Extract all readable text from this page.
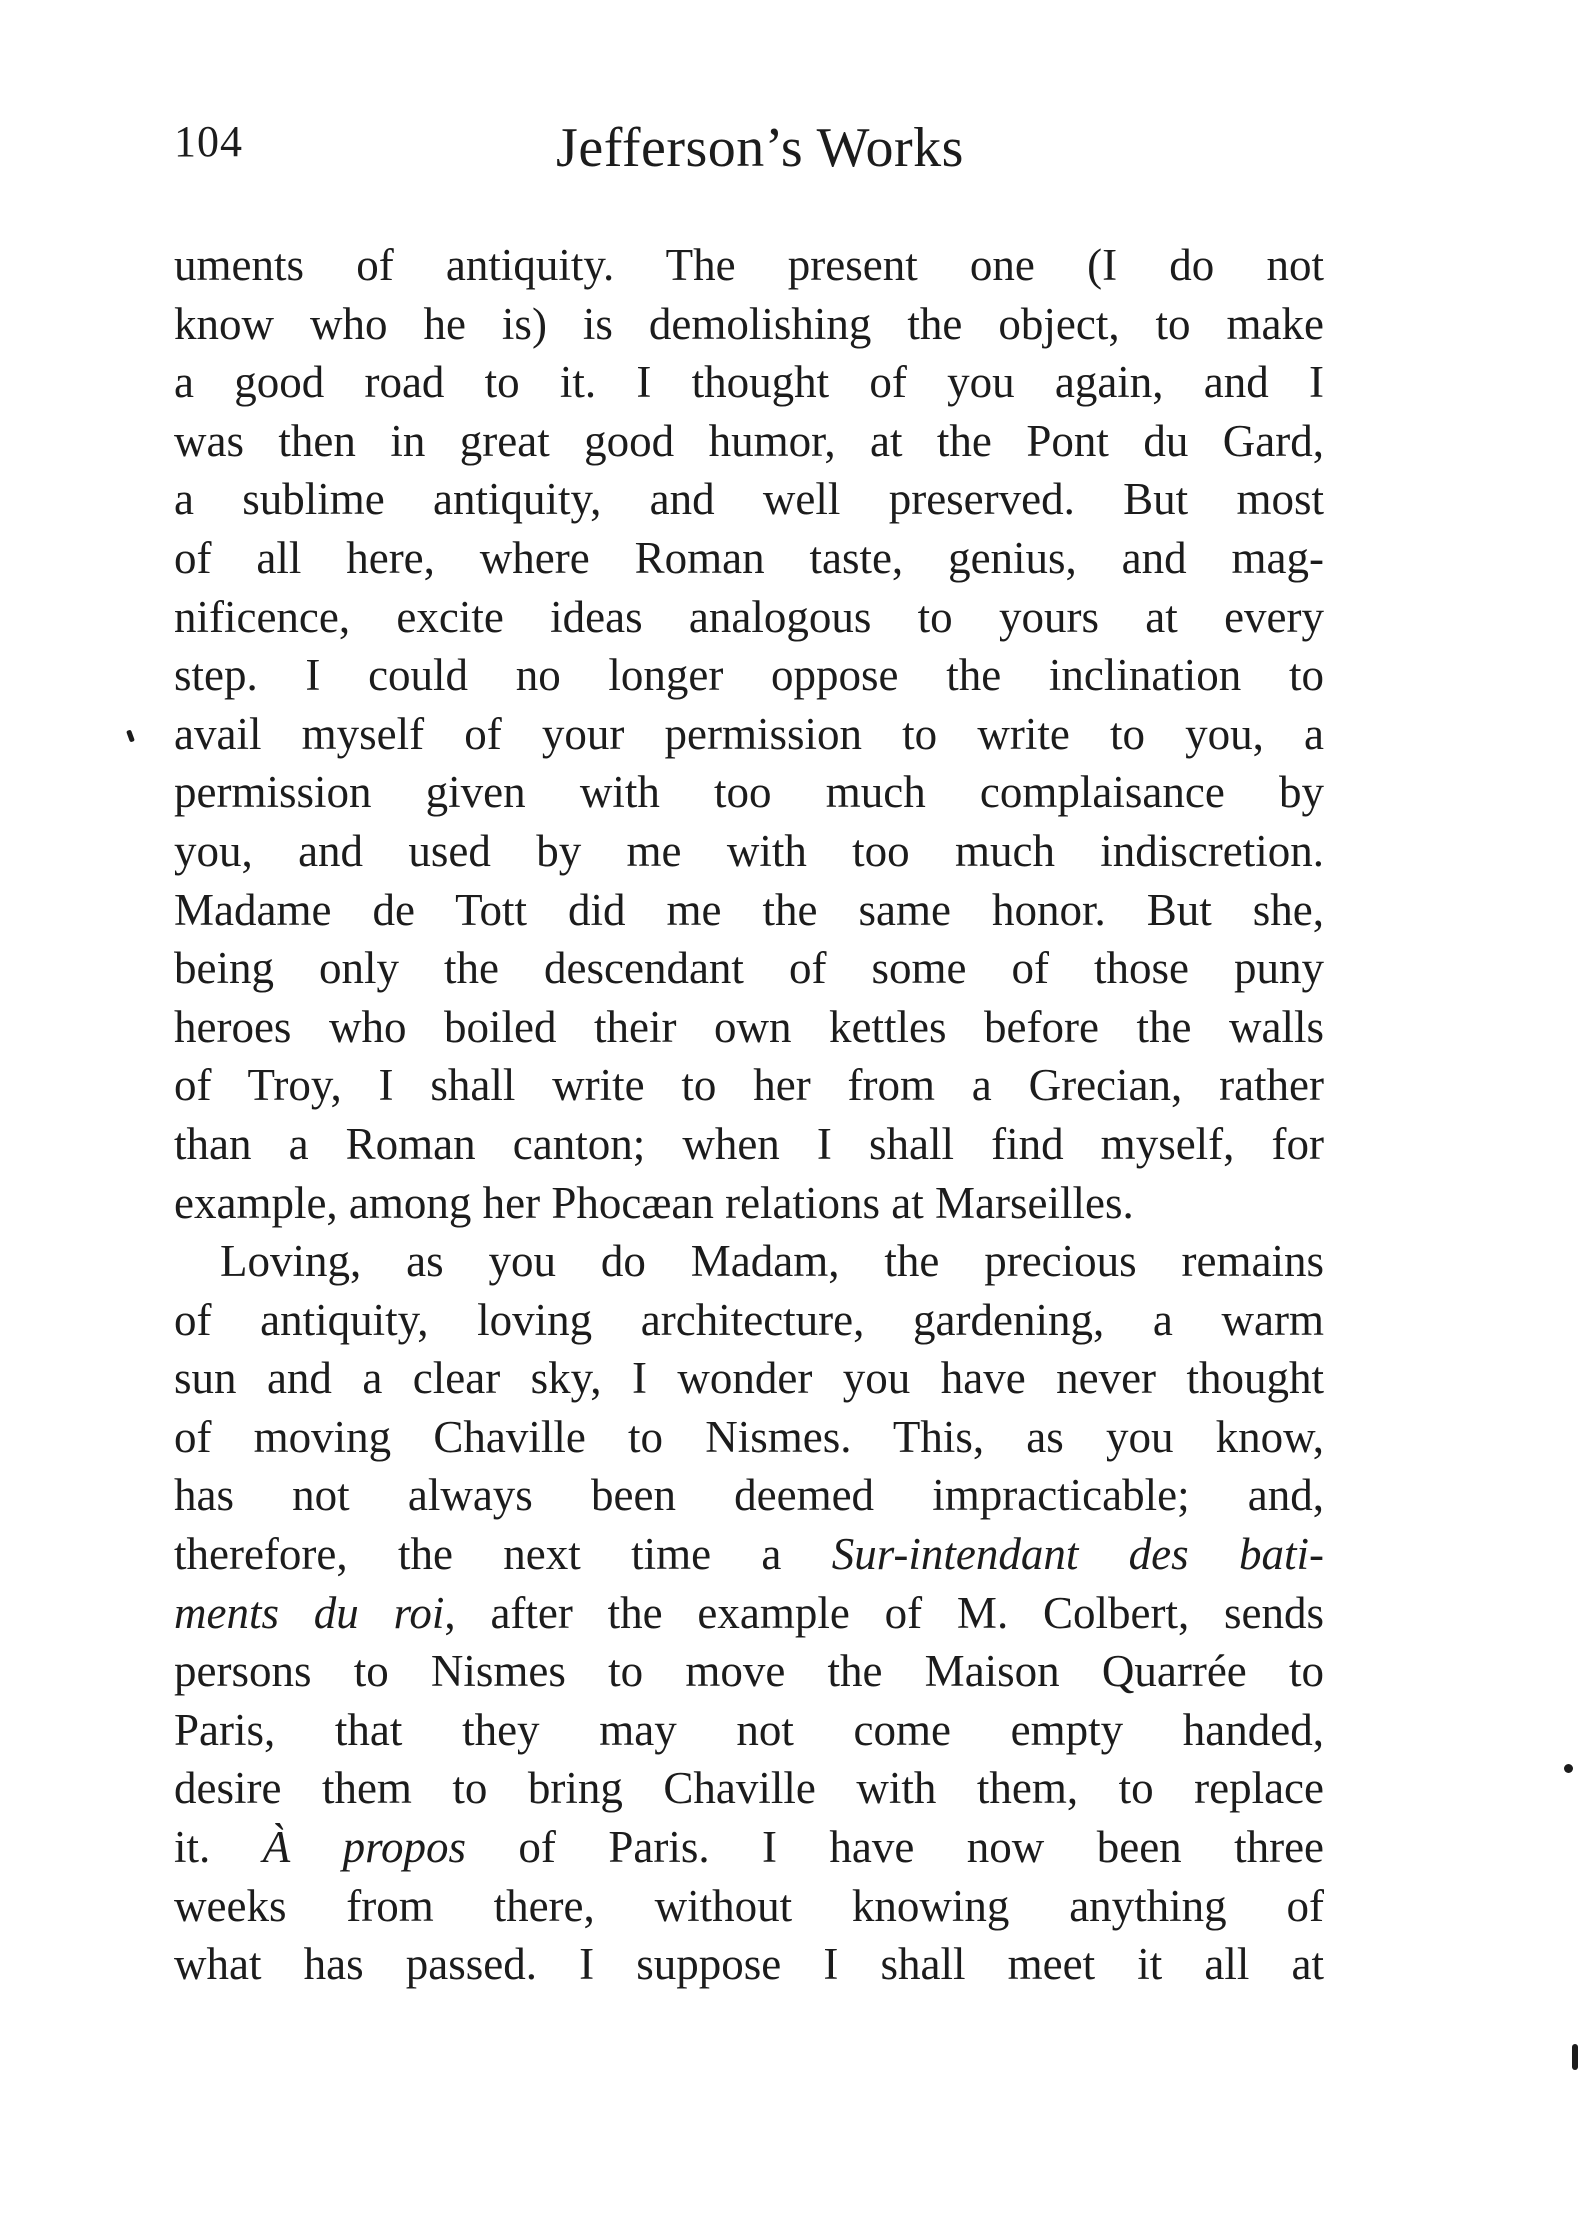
104	Jefferson’s Works
uments of antiquity. The present one (I do not
know who he is) is demolishing the object, to make
a good road to it. I thought of you again, and I
was then in great good humor, at the Pont du Gard,
a sublime antiquity, and well preserved. But most
of all here, where Roman taste, genius, and mag-
nificence, excite ideas analogous to yours at every
step. I could no longer oppose the inclination to
avail myself of your permission to write to you, a
permission given with too much complaisance by
you, and used by me with too much indiscretion.
Madame de Tott did me the same honor. But she,
being only the descendant of some of those puny
heroes who boiled their own kettles before the walls
of Troy, I shall write to her from a Grecian, rather
than a Roman canton; when I shall find myself, for
example, among her Phocæan relations at Marseilles.
Loving, as you do Madam, the precious remains
of antiquity, loving architecture, gardening, a warm
sun and a clear sky, I wonder you have never thought
of moving Chaville to Nismes. This, as you know,
has not always been deemed impracticable; and,
therefore, the next time a Sur-intendant des bati-
ments du roi, after the example of M. Colbert, sends
persons to Nismes to move the Maison Quarrée to
Paris, that they may not come empty handed,
desire them to bring Chaville with them, to replace
it. À propos of Paris. I have now been three
weeks from there, without knowing anything of
what has passed. I suppose I shall meet it all at
